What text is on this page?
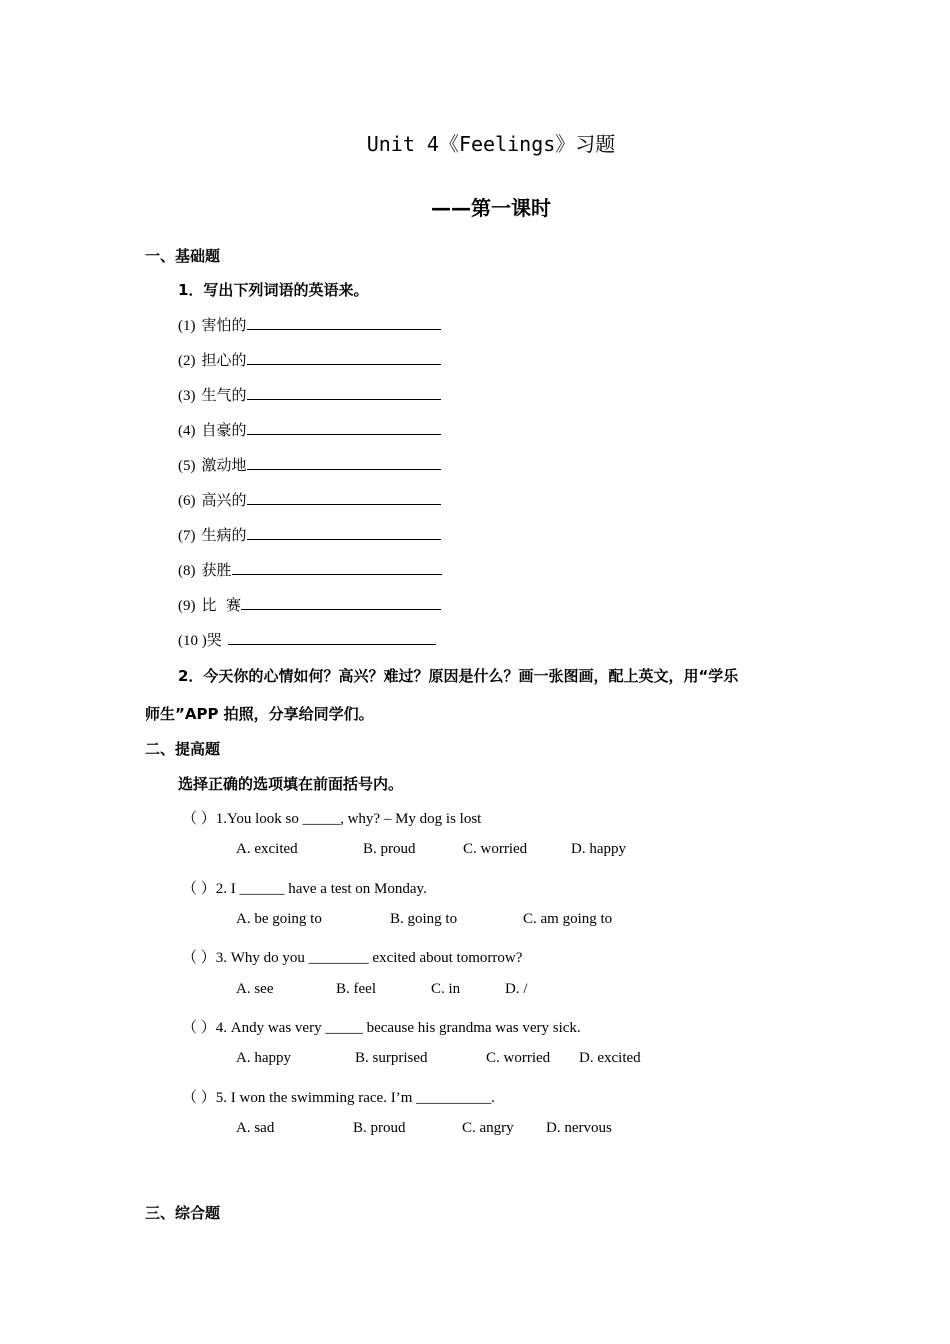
Unit 4《Feelings》习题
——第一课时
一、基础题
1．写出下列词语的英语来。
(1) 害怕的
(2) 担心的
(3) 生气的
(4) 自豪的
(5) 激动地
(6) 高兴的
(7) 生病的
(8) 获胜
(9) 比  赛
(10 )哭
2．今天你的心情如何？高兴？难过？原因是什么？画一张图画，配上英文，用“学乐
师生”APP 拍照，分享给同学们。
二、提高题
选择正确的选项填在前面括号内。
（ ）1.You look so _____, why? – My dog is lost
A. excited	B. proud	C. worried	D. happy
（ ）2. I ______ have a test on Monday.
A. be going to	B. going to	C. am going to
（ ）3. Why do you ________ excited about tomorrow?
A. see	B. feel	C. in	D. /
（ ）4. Andy was very _____ because his grandma was very sick.
A. happy	B. surprised	C. worried D. excited
（ ）5. I won the swimming race. I’m __________.
A. sad	B. proud	C. angry D. nervous
三、综合题
